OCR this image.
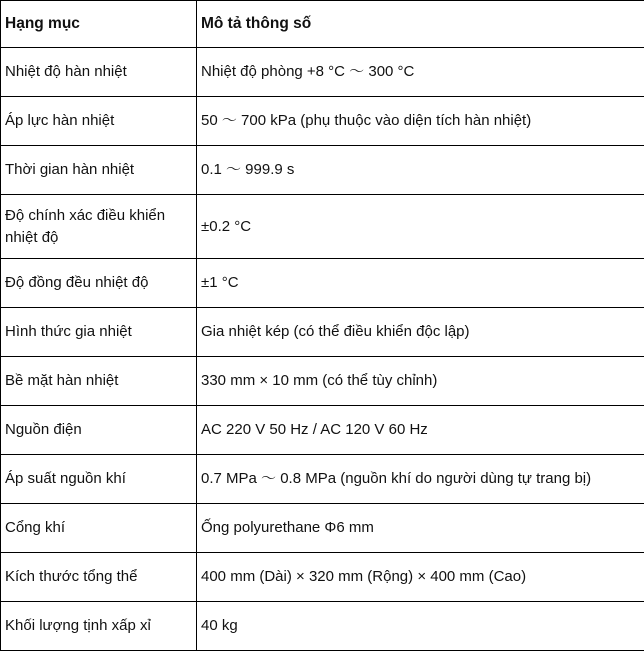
Hạng mục	Mô tả thông số
Nhiệt độ hàn nhiệt	Nhiệt độ phòng +8 °C ～ 300 °C
Áp lực hàn nhiệt	50 ～ 700 kPa (phụ thuộc vào diện tích hàn nhiệt)
Thời gian hàn nhiệt	0.1 ～ 999.9 s
Độ chính xác điều khiển nhiệt độ	±0.2 °C
Độ đồng đều nhiệt độ	±1 °C
Hình thức gia nhiệt	Gia nhiệt kép (có thể điều khiển độc lập)
Bề mặt hàn nhiệt	330 mm × 10 mm (có thể tùy chỉnh)
Nguồn điện	AC 220 V 50 Hz / AC 120 V 60 Hz
Áp suất nguồn khí	0.7 MPa ～ 0.8 MPa (nguồn khí do người dùng tự trang bị)
Cổng khí	Ống polyurethane Φ6 mm
Kích thước tổng thể	400 mm (Dài) × 320 mm (Rộng) × 400 mm (Cao)
Khối lượng tịnh xấp xỉ	40 kg
